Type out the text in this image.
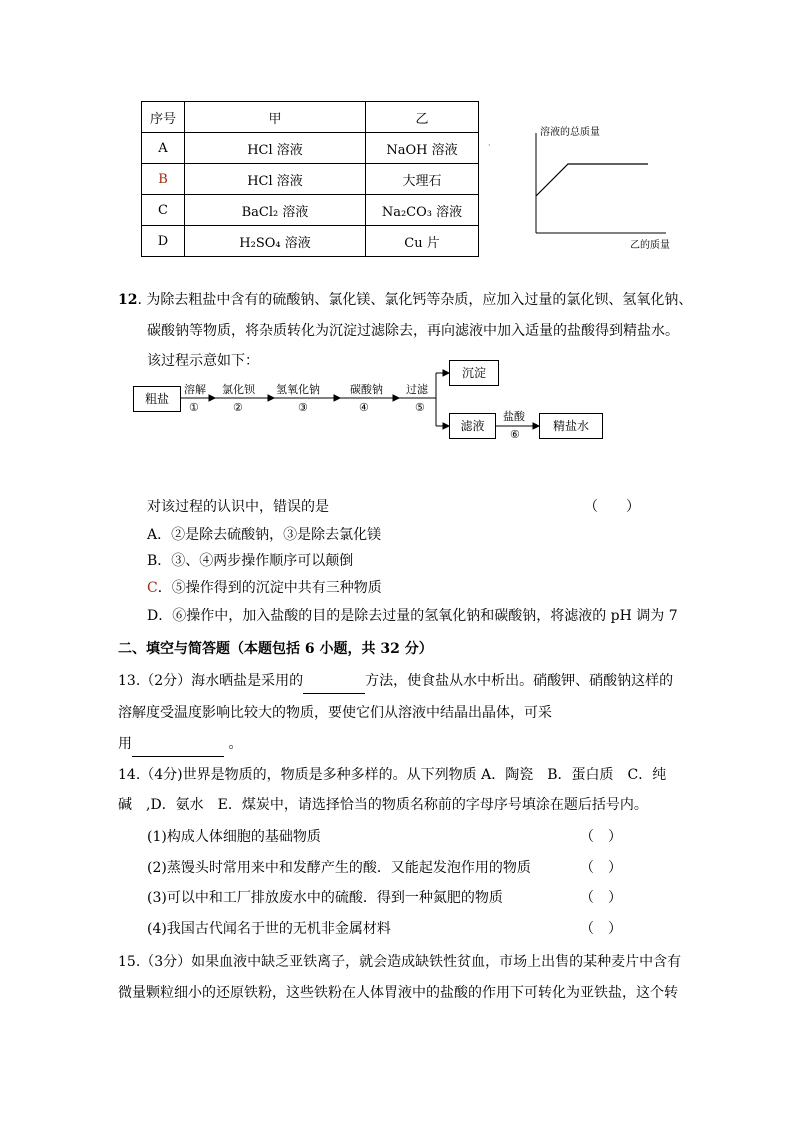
序号	甲	乙
A	HCl 溶液	NaOH 溶液
B	HCl 溶液	大理石
C	BaCl₂ 溶液	Na₂CO₃ 溶液
D	H₂SO₄ 溶液	Cu 片
溶液的总质量
乙的质量
·
12. 为除去粗盐中含有的硫酸钠、氯化镁、氯化钙等杂质，应加入过量的氯化钡、氢氧化钠、
碳酸钠等物质，将杂质转化为沉淀过滤除去，再向滤液中加入适量的盐酸得到精盐水。
该过程示意如下：
粗盐
溶解
①
氯化钡
②
氢氧化钠
③
碳酸钠
④
过滤
⑤
沉淀
滤液
盐酸
⑥
精盐水
对该过程的认识中，错误的是	（　　）
A．②是除去硫酸钠，③是除去氯化镁
B．③、④两步操作顺序可以颠倒
C．⑤操作得到的沉淀中共有三种物质
D．⑥操作中，加入盐酸的目的是除去过量的氢氧化钠和碳酸钠，将滤液的 pH 调为 7
二、填空与简答题（本题包括 6 小题，共 32 分）
13.（2分）海水晒盐是采用的	方法，使食盐从水中析出。硝酸钾、硝酸钠这样的
溶解度受温度影响比较大的物质，要使它们从溶液中结晶出晶体，可采
用	。
14.（4分)世界是物质的，物质是多种多样的。从下列物质 A．陶瓷　B．蛋白质　C．纯
碱　,D．氨水　E．煤炭中，请选择恰当的物质名称前的字母序号填涂在题后括号内。
(1)构成人体细胞的基础物质	（　）
(2)蒸馒头时常用来中和发酵产生的酸．又能起发泡作用的物质	（　）
(3)可以中和工厂排放废水中的硫酸．得到一种氮肥的物质	（　）
(4)我国古代闻名于世的无机非金属材料	（　）
15.（3分）如果血液中缺乏亚铁离子，就会造成缺铁性贫血，市场上出售的某种麦片中含有
微量颗粒细小的还原铁粉，这些铁粉在人体胃液中的盐酸的作用下可转化为亚铁盐，这个转
